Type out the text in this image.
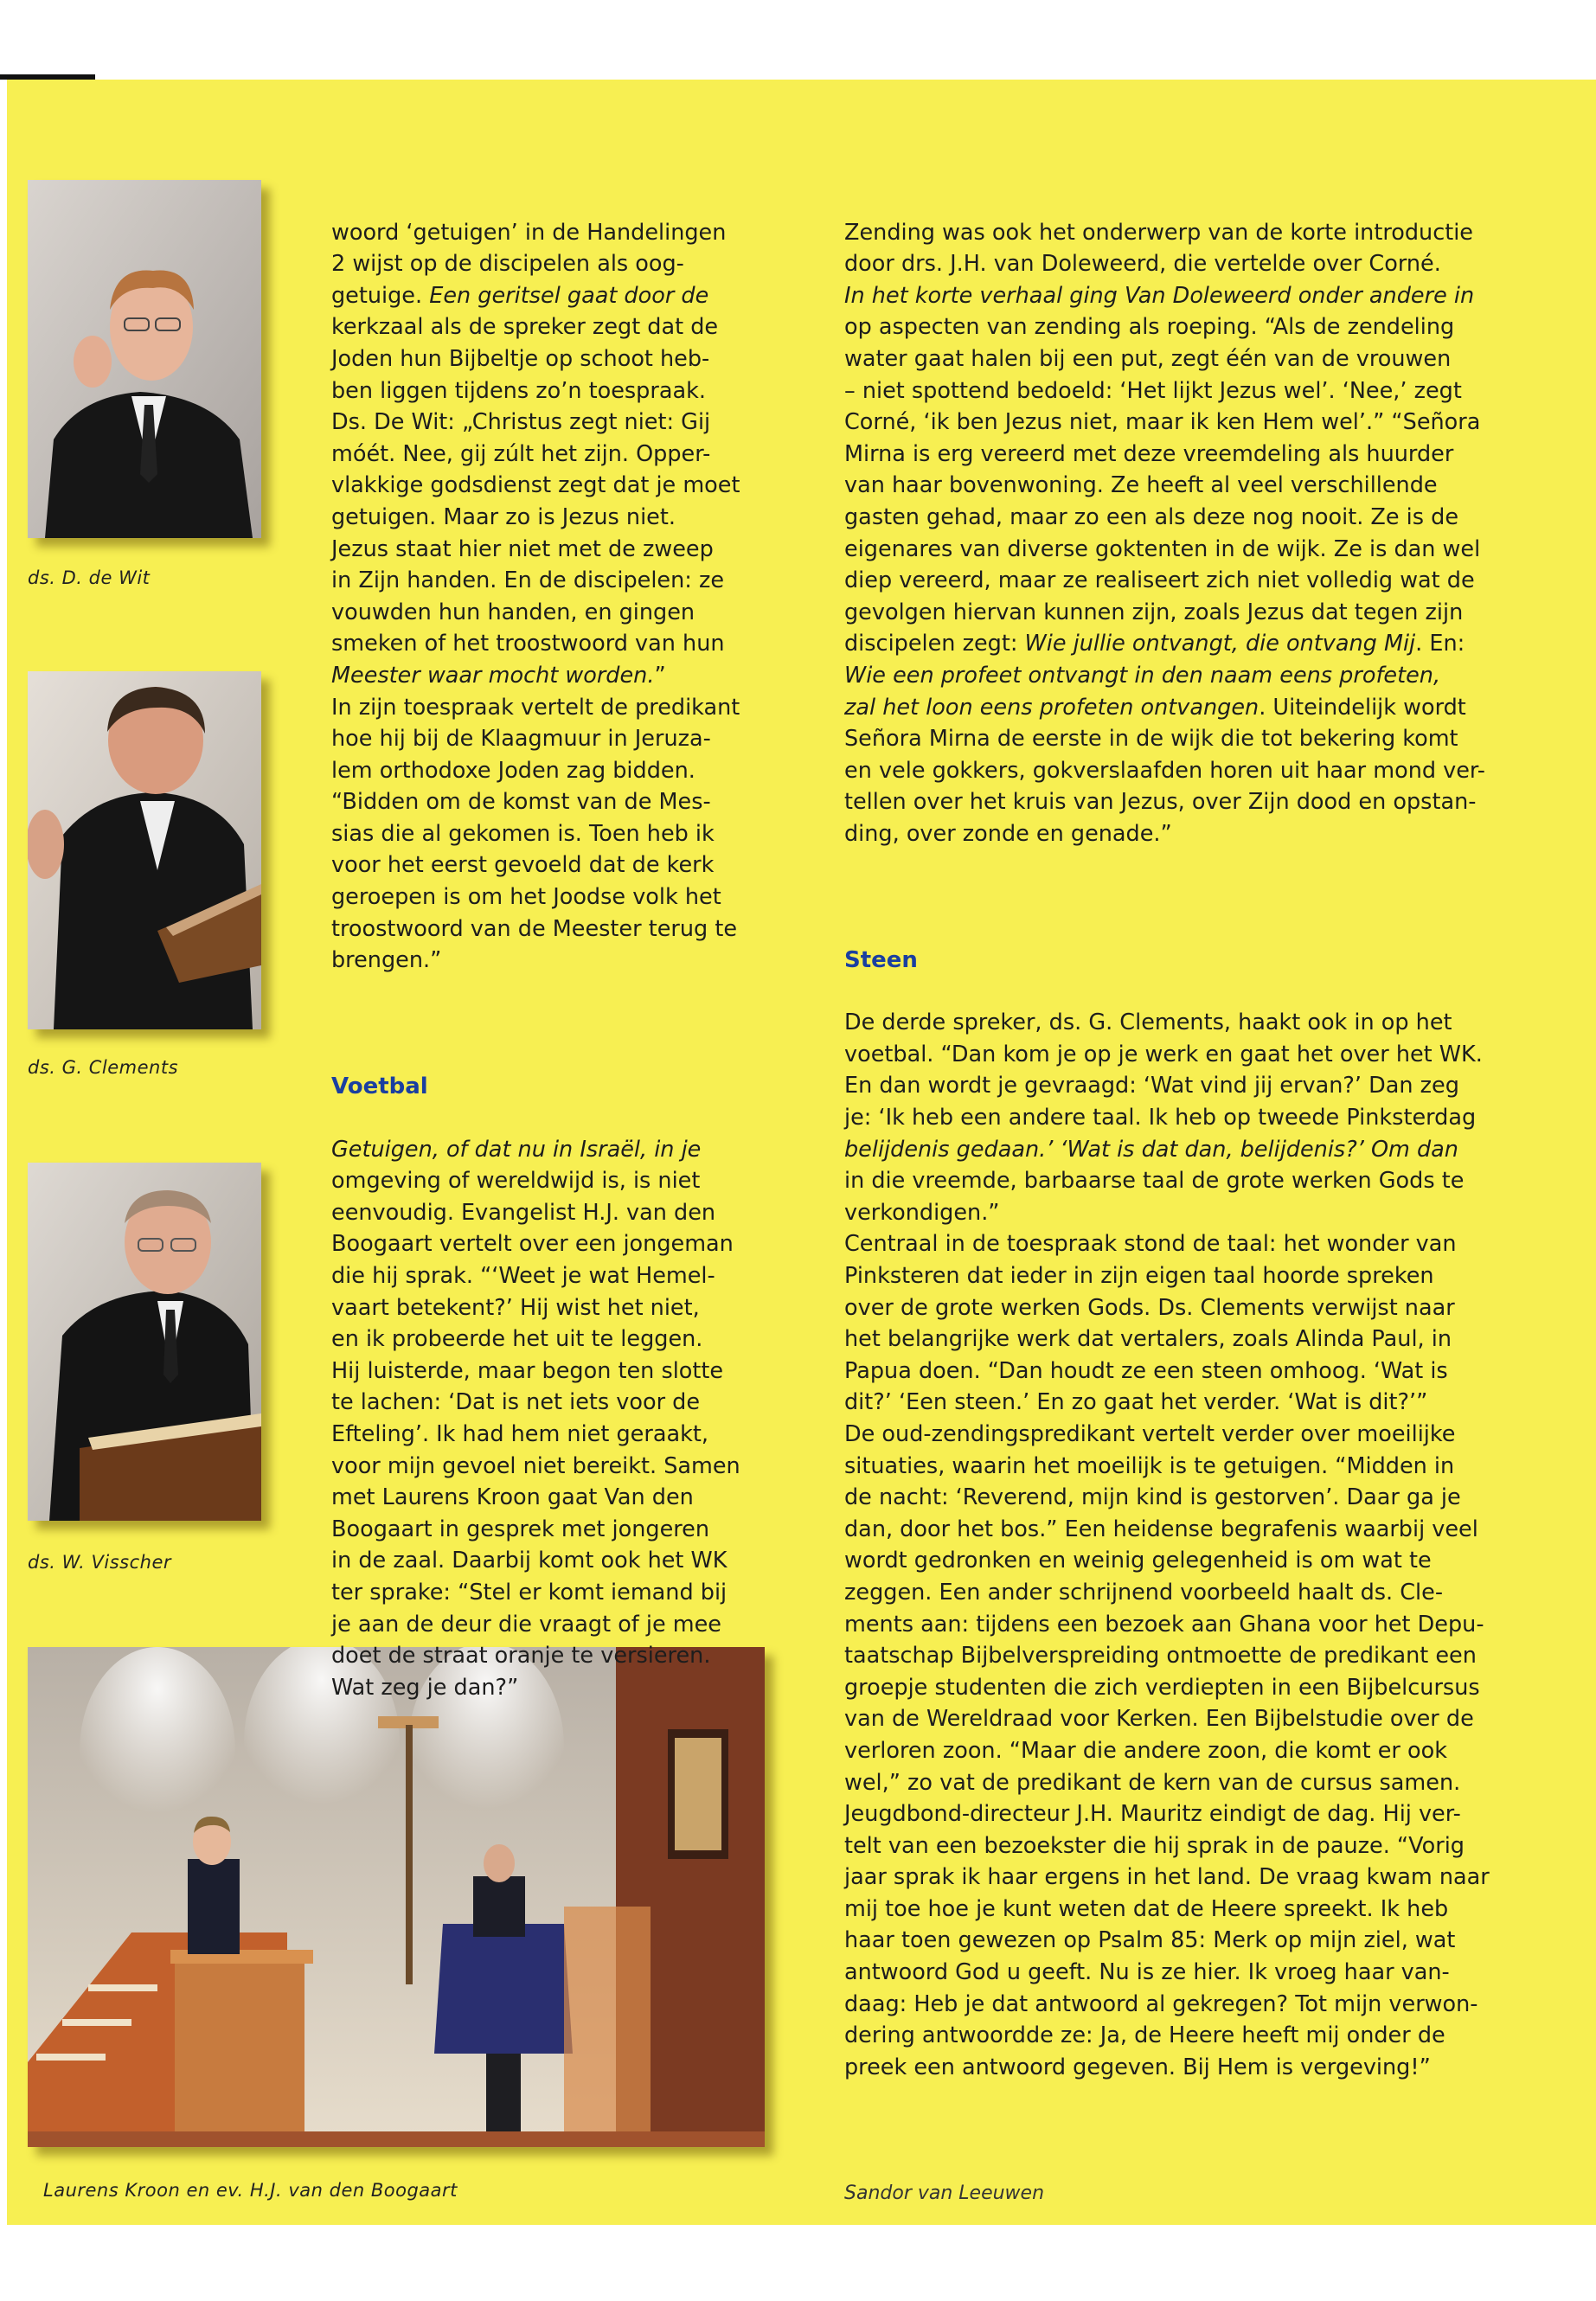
ds. D. de Wit
ds. G. Clements
ds. W. Visscher
Laurens Kroon en ev. H.J. van den Boogaart

woord ‘getuigen’ in de Handelingen
2 wijst op de discipelen als oog-
getuige. Een geritsel gaat door de
kerkzaal als de spreker zegt dat de
Joden hun Bijbeltje op schoot heb-
ben liggen tijdens zo’n toespraak.
Ds. De Wit: „Christus zegt niet: Gij
móét. Nee, gij zúlt het zijn. Opper-
vlakkige godsdienst zegt dat je moet
getuigen. Maar zo is Jezus niet.
Jezus staat hier niet met de zweep
in Zijn handen. En de discipelen: ze
vouwden hun handen, en gingen
smeken of het troostwoord van hun
Meester waar mocht worden.”
In zijn toespraak vertelt de predikant
hoe hij bij de Klaagmuur in Jeruza-
lem orthodoxe Joden zag bidden.
“Bidden om de komst van de Mes-
sias die al gekomen is. Toen heb ik
voor het eerst gevoeld dat de kerk
geroepen is om het Joodse volk het
troostwoord van de Meester terug te
brengen.”

Voetbal

Getuigen, of dat nu in Israël, in je
omgeving of wereldwijd is, is niet
eenvoudig. Evangelist H.J. van den
Boogaart vertelt over een jongeman
die hij sprak. “‘Weet je wat Hemel-
vaart betekent?’ Hij wist het niet,
en ik probeerde het uit te leggen.
Hij luisterde, maar begon ten slotte
te lachen: ‘Dat is net iets voor de
Efteling’. Ik had hem niet geraakt,
voor mijn gevoel niet bereikt. Samen
met Laurens Kroon gaat Van den
Boogaart in gesprek met jongeren
in de zaal. Daarbij komt ook het WK
ter sprake: “Stel er komt iemand bij
je aan de deur die vraagt of je mee
doet de straat oranje te versieren.
Wat zeg je dan?”

Zending was ook het onderwerp van de korte introductie
door drs. J.H. van Doleweerd, die vertelde over Corné.
In het korte verhaal ging Van Doleweerd onder andere in
op aspecten van zending als roeping. “Als de zendeling
water gaat halen bij een put, zegt één van de vrouwen
– niet spottend bedoeld: ‘Het lijkt Jezus wel’. ‘Nee,’ zegt
Corné, ‘ik ben Jezus niet, maar ik ken Hem wel’.” “Señora
Mirna is erg vereerd met deze vreemdeling als huurder
van haar bovenwoning. Ze heeft al veel verschillende
gasten gehad, maar zo een als deze nog nooit. Ze is de
eigenares van diverse goktenten in de wijk. Ze is dan wel
diep vereerd, maar ze realiseert zich niet volledig wat de
gevolgen hiervan kunnen zijn, zoals Jezus dat tegen zijn
discipelen zegt: Wie jullie ontvangt, die ontvang Mij. En:
Wie een profeet ontvangt in den naam eens profeten,
zal het loon eens profeten ontvangen. Uiteindelijk wordt
Señora Mirna de eerste in de wijk die tot bekering komt
en vele gokkers, gokverslaafden horen uit haar mond ver-
tellen over het kruis van Jezus, over Zijn dood en opstan-
ding, over zonde en genade.”

Steen

De derde spreker, ds. G. Clements, haakt ook in op het
voetbal. “Dan kom je op je werk en gaat het over het WK.
En dan wordt je gevraagd: ‘Wat vind jij ervan?’ Dan zeg
je: ‘Ik heb een andere taal. Ik heb op tweede Pinksterdag
belijdenis gedaan.’ ‘Wat is dat dan, belijdenis?’ Om dan
in die vreemde, barbaarse taal de grote werken Gods te
verkondigen.”
Centraal in de toespraak stond de taal: het wonder van
Pinksteren dat ieder in zijn eigen taal hoorde spreken
over de grote werken Gods. Ds. Clements verwijst naar
het belangrijke werk dat vertalers, zoals Alinda Paul, in
Papua doen. “Dan houdt ze een steen omhoog. ‘Wat is
dit?’ ‘Een steen.’ En zo gaat het verder. ‘Wat is dit?’”
De oud-zendingspredikant vertelt verder over moeilijke
situaties, waarin het moeilijk is te getuigen. “Midden in
de nacht: ‘Reverend, mijn kind is gestorven’. Daar ga je
dan, door het bos.” Een heidense begrafenis waarbij veel
wordt gedronken en weinig gelegenheid is om wat te
zeggen. Een ander schrijnend voorbeeld haalt ds. Cle-
ments aan: tijdens een bezoek aan Ghana voor het Depu-
taatschap Bijbelverspreiding ontmoette de predikant een
groepje studenten die zich verdiepten in een Bijbelcursus
van de Wereldraad voor Kerken. Een Bijbelstudie over de
verloren zoon. “Maar die andere zoon, die komt er ook
wel,” zo vat de predikant de kern van de cursus samen.
Jeugdbond-directeur J.H. Mauritz eindigt de dag. Hij ver-
telt van een bezoekster die hij sprak in de pauze. “Vorig
jaar sprak ik haar ergens in het land. De vraag kwam naar
mij toe hoe je kunt weten dat de Heere spreekt. Ik heb
haar toen gewezen op Psalm 85: Merk op mijn ziel, wat
antwoord God u geeft. Nu is ze hier. Ik vroeg haar van-
daag: Heb je dat antwoord al gekregen? Tot mijn verwon-
dering antwoordde ze: Ja, de Heere heeft mij onder de
preek een antwoord gegeven. Bij Hem is vergeving!”

Sandor van Leeuwen
